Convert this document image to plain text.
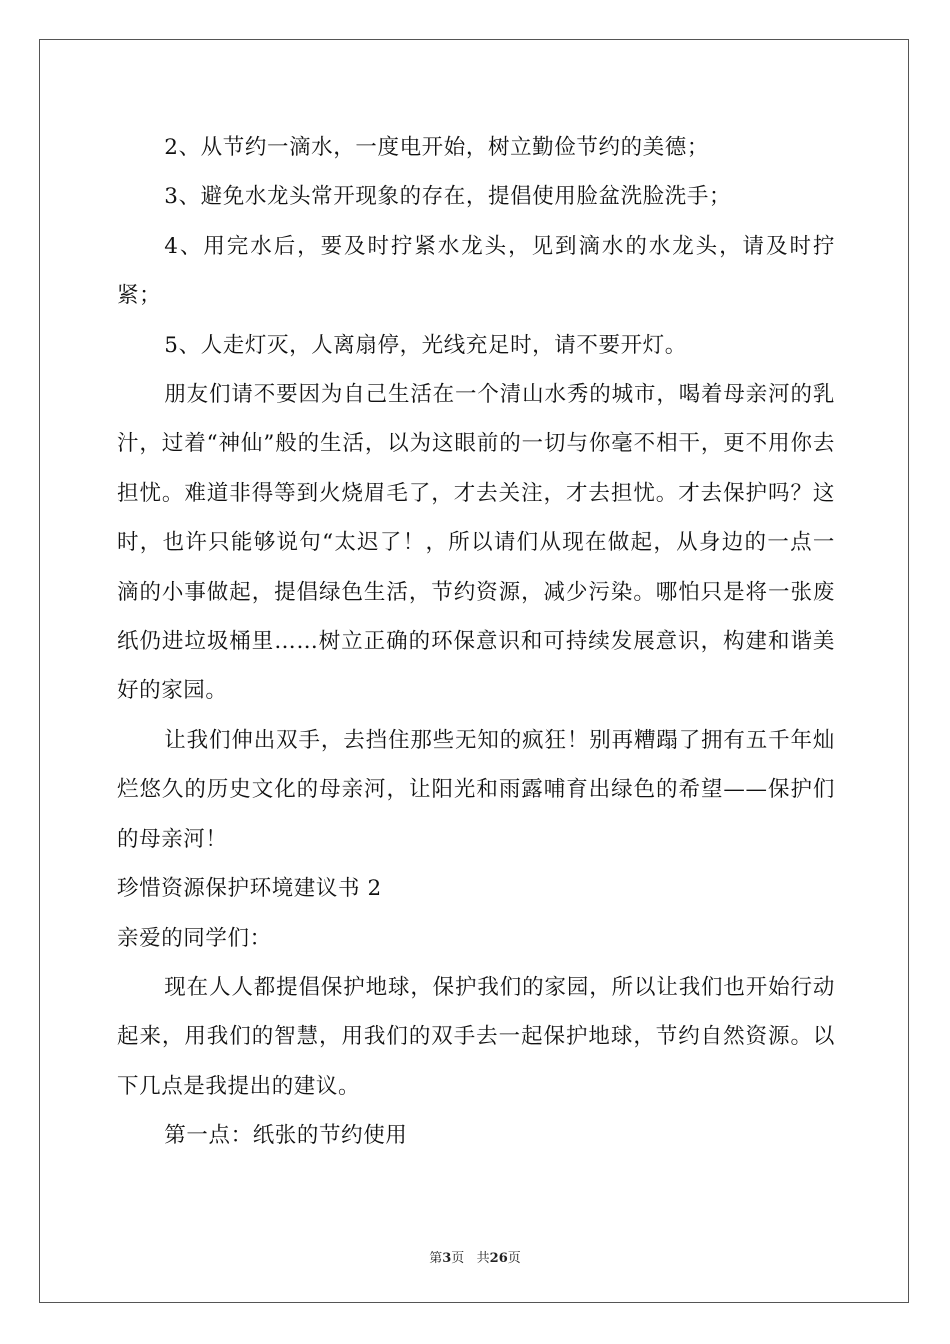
2、从节约一滴水，一度电开始，树立勤俭节约的美德；

3、避免水龙头常开现象的存在，提倡使用脸盆洗脸洗手；

4、用完水后，要及时拧紧水龙头，见到滴水的水龙头，请及时拧紧；

5、人走灯灭，人离扇停，光线充足时，请不要开灯。

朋友们请不要因为自己生活在一个清山水秀的城市，喝着母亲河的乳汁，过着“神仙”般的生活，以为这眼前的一切与你毫不相干，更不用你去担忧。难道非得等到火烧眉毛了，才去关注，才去担忧。才去保护吗？这时，也许只能够说句“太迟了！，所以请们从现在做起，从身边的一点一滴的小事做起，提倡绿色生活，节约资源，减少污染。哪怕只是将一张废纸仍进垃圾桶里……树立正确的环保意识和可持续发展意识，构建和谐美好的家园。

让我们伸出双手，去挡住那些无知的疯狂！别再糟蹋了拥有五千年灿烂悠久的历史文化的母亲河，让阳光和雨露哺育出绿色的希望——保护们的母亲河！

珍惜资源保护环境建议书 2

亲爱的同学们：

现在人人都提倡保护地球，保护我们的家园，所以让我们也开始行动起来，用我们的智慧，用我们的双手去一起保护地球，节约自然资源。以下几点是我提出的建议。

第一点：纸张的节约使用

第3页   共26页
